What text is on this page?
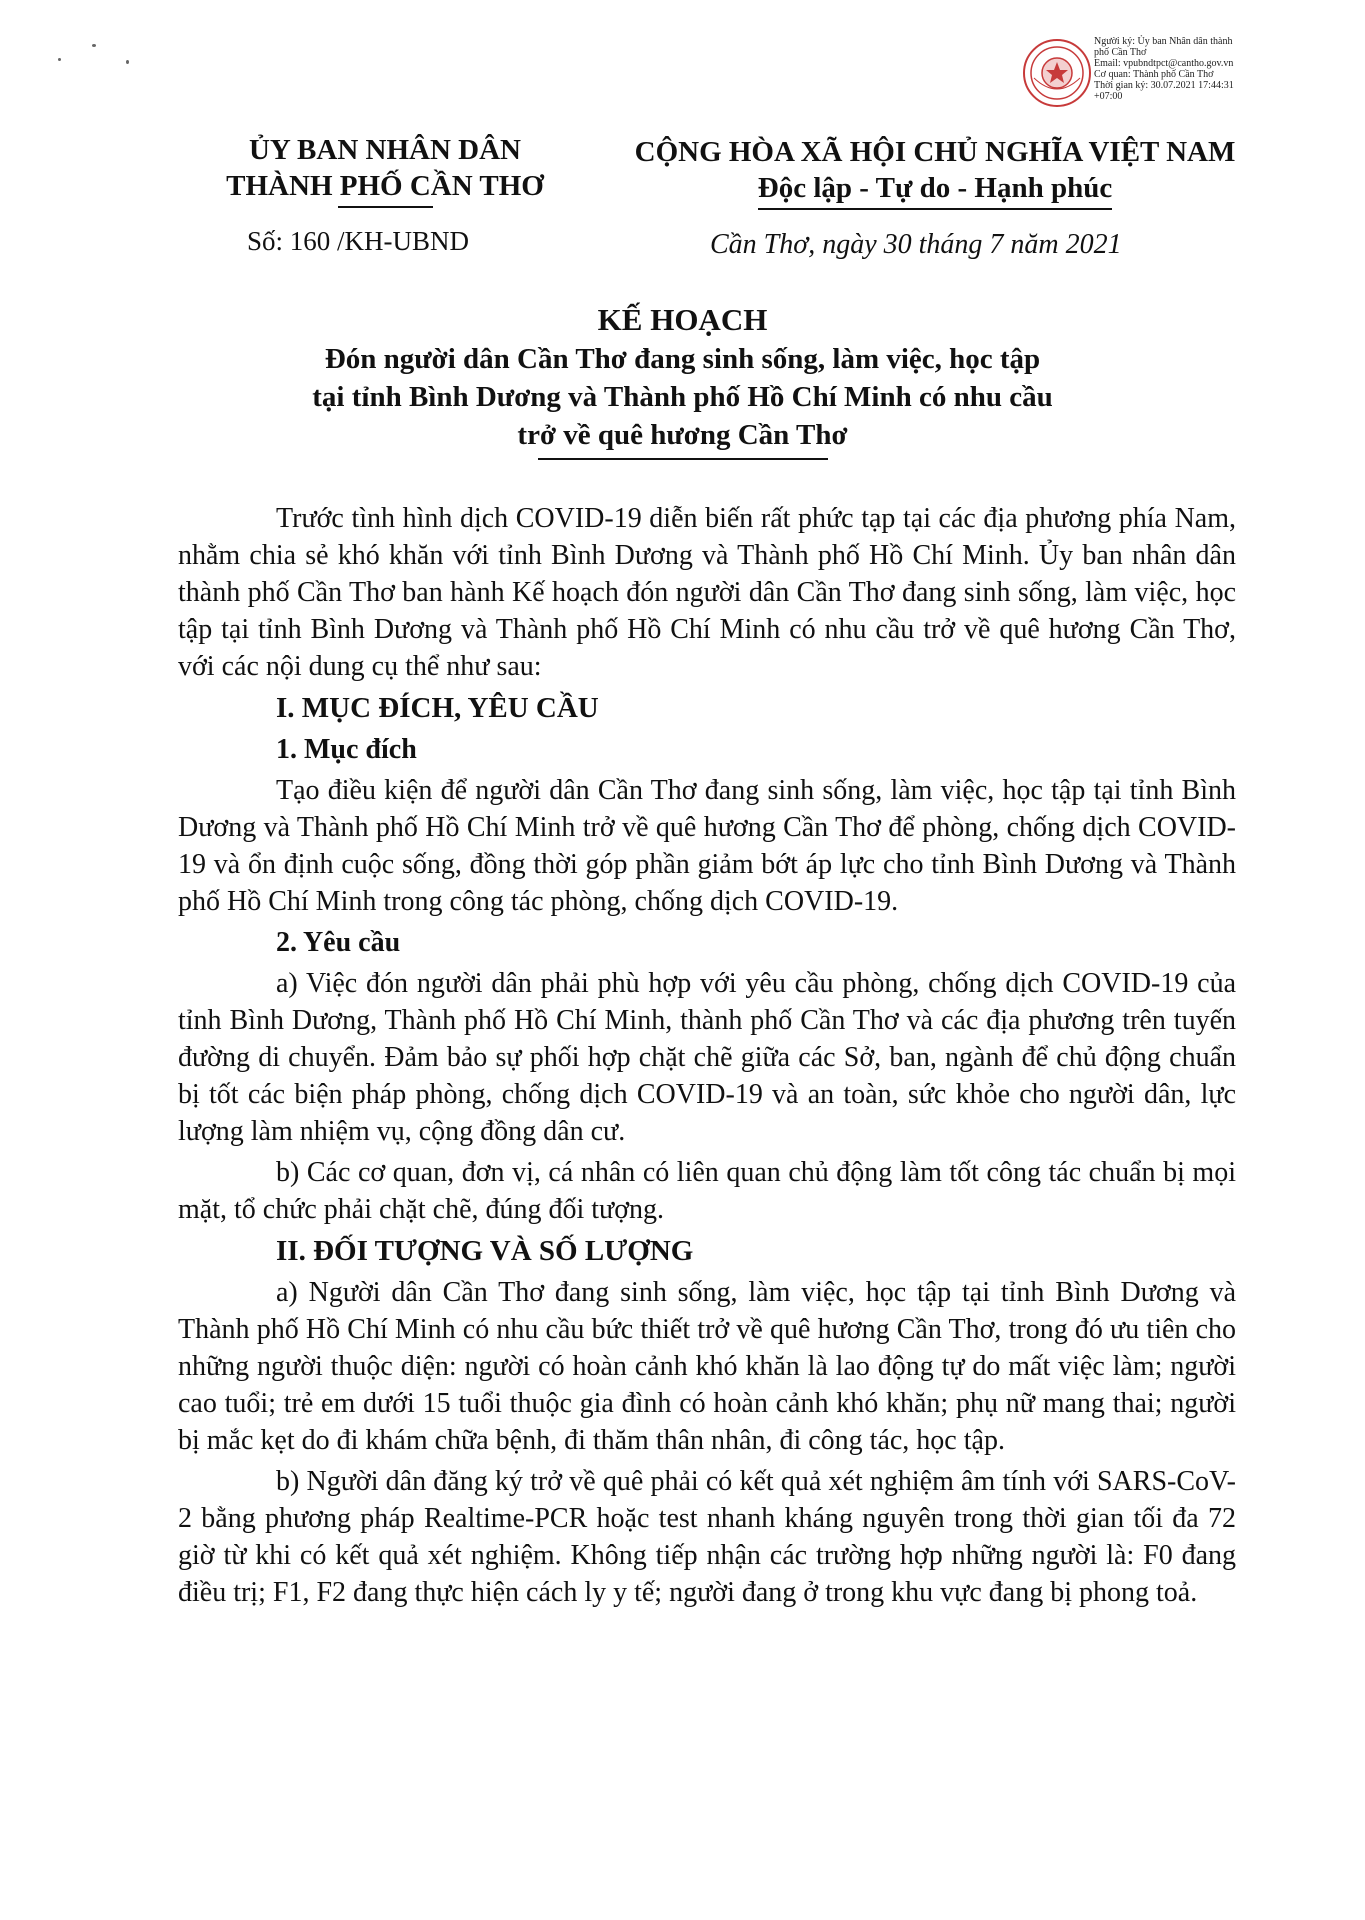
Người ký: Ủy ban Nhân dân thành
phố Cần Thơ
Email: vpubndtpct@cantho.gov.vn
Cơ quan: Thành phố Cần Thơ
Thời gian ký: 30.07.2021 17:44:31
+07:00
ỦY BAN NHÂN DÂN
THÀNH PHỐ CẦN THƠ
Số: 160 /KH-UBND
CỘNG HÒA XÃ HỘI CHỦ NGHĨA VIỆT NAM
Độc lập - Tự do - Hạnh phúc
Cần Thơ, ngày 30 tháng 7 năm 2021
KẾ HOẠCH
Đón người dân Cần Thơ đang sinh sống, làm việc, học tập
tại tỉnh Bình Dương và Thành phố Hồ Chí Minh có nhu cầu
trở về quê hương Cần Thơ

Trước tình hình dịch COVID-19 diễn biến rất phức tạp tại các địa phương phía Nam, nhằm chia sẻ khó khăn với tỉnh Bình Dương và Thành phố Hồ Chí Minh. Ủy ban nhân dân thành phố Cần Thơ ban hành Kế hoạch đón người dân Cần Thơ đang sinh sống, làm việc, học tập tại tỉnh Bình Dương và Thành phố Hồ Chí Minh có nhu cầu trở về quê hương Cần Thơ, với các nội dung cụ thể như sau:

I. MỤC ĐÍCH, YÊU CẦU
1. Mục đích

Tạo điều kiện để người dân Cần Thơ đang sinh sống, làm việc, học tập tại tỉnh Bình Dương và Thành phố Hồ Chí Minh trở về quê hương Cần Thơ để phòng, chống dịch COVID-19 và ổn định cuộc sống, đồng thời góp phần giảm bớt áp lực cho tỉnh Bình Dương và Thành phố Hồ Chí Minh trong công tác phòng, chống dịch COVID-19.

2. Yêu cầu

a) Việc đón người dân phải phù hợp với yêu cầu phòng, chống dịch COVID-19 của tỉnh Bình Dương, Thành phố Hồ Chí Minh, thành phố Cần Thơ và các địa phương trên tuyến đường di chuyển. Đảm bảo sự phối hợp chặt chẽ giữa các Sở, ban, ngành để chủ động chuẩn bị tốt các biện pháp phòng, chống dịch COVID-19 và an toàn, sức khỏe cho người dân, lực lượng làm nhiệm vụ, cộng đồng dân cư.

b) Các cơ quan, đơn vị, cá nhân có liên quan chủ động làm tốt công tác chuẩn bị mọi mặt, tổ chức phải chặt chẽ, đúng đối tượng.

II. ĐỐI TƯỢNG VÀ SỐ LƯỢNG

a) Người dân Cần Thơ đang sinh sống, làm việc, học tập tại tỉnh Bình Dương và Thành phố Hồ Chí Minh có nhu cầu bức thiết trở về quê hương Cần Thơ, trong đó ưu tiên cho những người thuộc diện: người có hoàn cảnh khó khăn là lao động tự do mất việc làm; người cao tuổi; trẻ em dưới 15 tuổi thuộc gia đình có hoàn cảnh khó khăn; phụ nữ mang thai; người bị mắc kẹt do đi khám chữa bệnh, đi thăm thân nhân, đi công tác, học tập.

b) Người dân đăng ký trở về quê phải có kết quả xét nghiệm âm tính với SARS-CoV-2 bằng phương pháp Realtime-PCR hoặc test nhanh kháng nguyên trong thời gian tối đa 72 giờ từ khi có kết quả xét nghiệm. Không tiếp nhận các trường hợp những người là: F0 đang điều trị; F1, F2 đang thực hiện cách ly y tế; người đang ở trong khu vực đang bị phong toả.
